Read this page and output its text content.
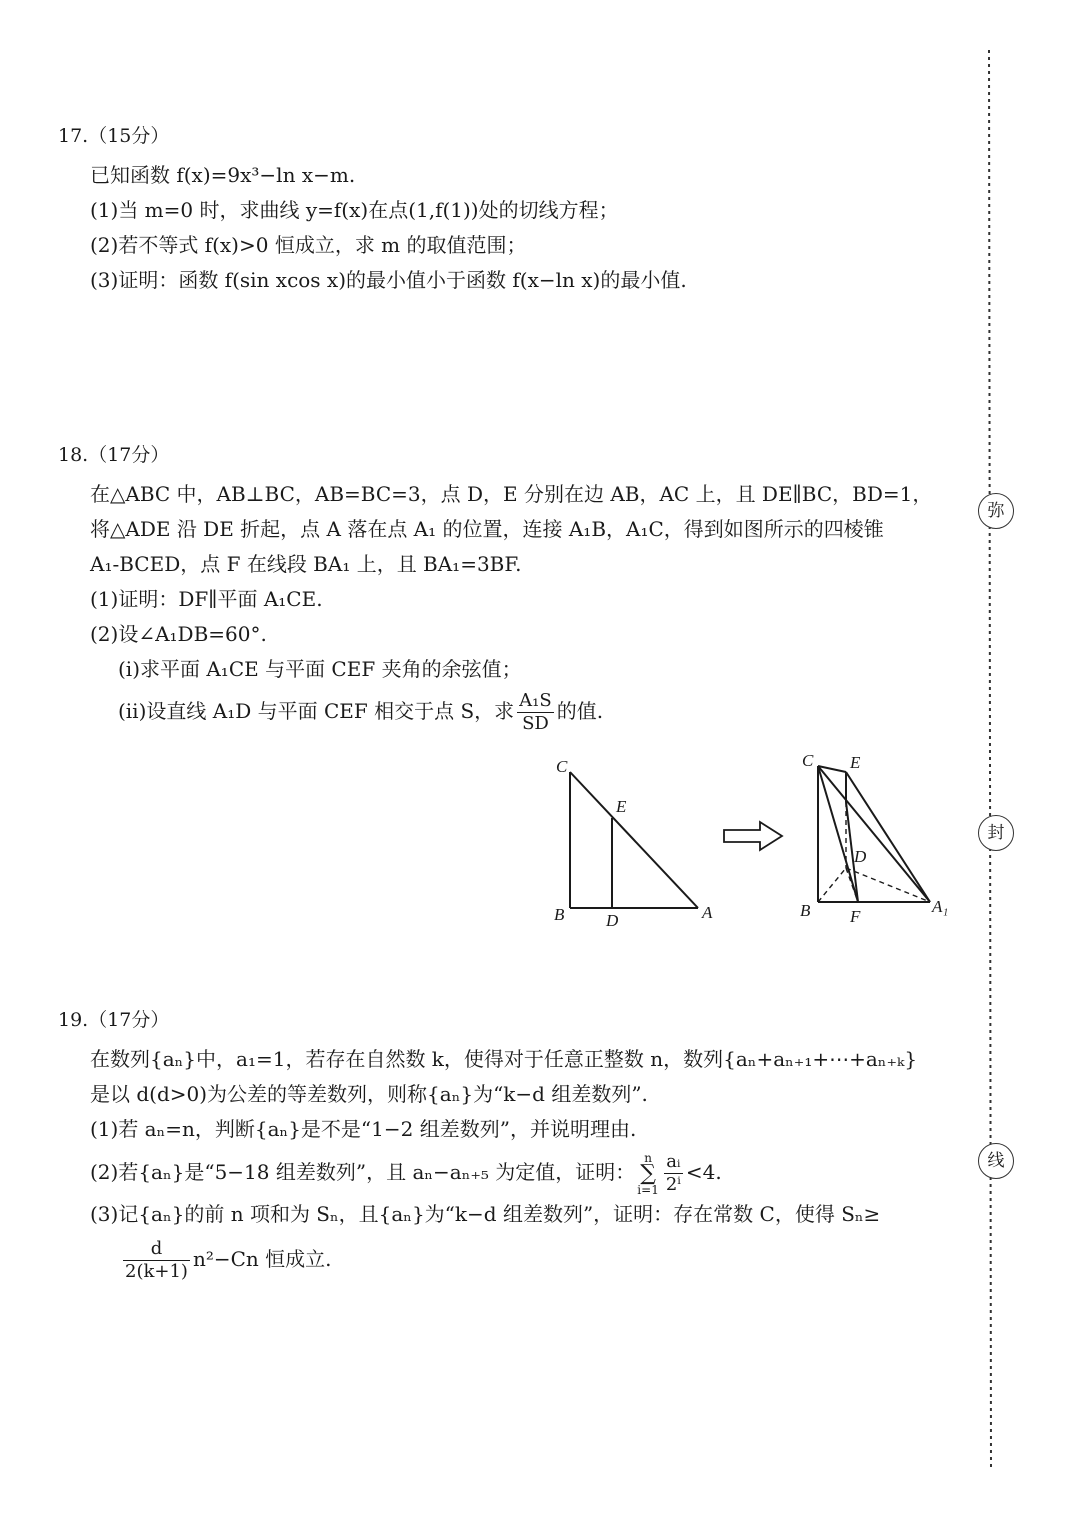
17.（15分）
已知函数 f(x)=9x³−ln x−m.
(1)当 m=0 时，求曲线 y=f(x)在点(1,f(1))处的切线方程；
(2)若不等式 f(x)>0 恒成立，求 m 的取值范围；
(3)证明：函数 f(sin xcos x)的最小值小于函数 f(x−ln x)的最小值.
18.（17分）
在△ABC 中，AB⊥BC，AB=BC=3，点 D，E 分别在边 AB，AC 上，且 DE∥BC，BD=1，
将△ADE 沿 DE 折起，点 A 落在点 A₁ 的位置，连接 A₁B，A₁C，得到如图所示的四棱锥
A₁-BCED，点 F 在线段 BA₁ 上，且 BA₁=3BF.
(1)证明：DF∥平面 A₁CE.
(2)设∠A₁DB=60°.
(ⅰ)求平面 A₁CE 与平面 CEF 夹角的余弦值；
(ⅱ)设直线 A₁D 与平面 CEF 相交于点 S，求 $\frac{\text{A₁S}}{SD}$ 的值.
C
E
B D	A
C E
D
B F
A₁
19.（17分）
在数列{aₙ}中，a₁=1，若存在自然数 k，使得对于任意正整数 n，数列{aₙ+aₙ₊₁+⋯+aₙ₊ₖ}
是以 d(d>0)为公差的等差数列，则称{aₙ}为“k−d 组差数列”.
(1)若 aₙ=n，判断{aₙ}是不是“1−2 组差数列”，并说明理由.
(2)若{aₙ}是“5−18 组差数列”，且 aₙ−aₙ₊₅ 为定值，证明：n
∑
$i=1 \frac{\text{aᵢ}}{\text{2ⁱ}} <4$.
(3)记{aₙ}的前 n 项和为 Sₙ，且{aₙ}为“k−d 组差数列”，证明：存在常数 C，使得 Sₙ≥
$\frac{d}{2(k+1)} n^2-Cn$ 恒成立.
弥
封
线
